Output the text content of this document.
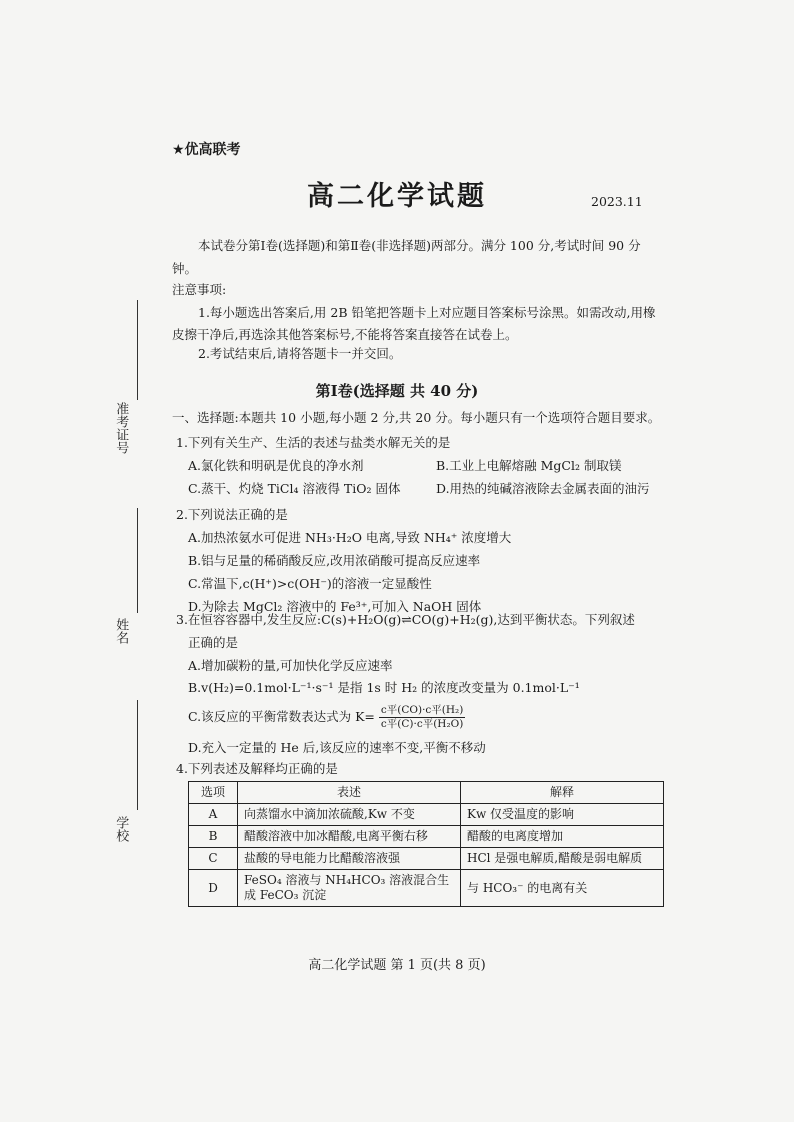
★优高联考
高二化学试题	2023.11
本试卷分第Ⅰ卷(选择题)和第Ⅱ卷(非选择题)两部分。满分 100 分,考试时间 90 分钟。
注意事项:
1.每小题选出答案后,用 2B 铅笔把答题卡上对应题目答案标号涂黑。如需改动,用橡皮擦干净后,再选涂其他答案标号,不能将答案直接答在试卷上。
2.考试结束后,请将答题卡一并交回。
准考证号
姓名
学校
第Ⅰ卷(选择题 共 40 分)
一、选择题:本题共 10 小题,每小题 2 分,共 20 分。每小题只有一个选项符合题目要求。
1.下列有关生产、生活的表述与盐类水解无关的是
A.氯化铁和明矾是优良的净水剂	B.工业上电解熔融 MgCl₂ 制取镁
C.蒸干、灼烧 TiCl₄ 溶液得 TiO₂ 固体	D.用热的纯碱溶液除去金属表面的油污
2.下列说法正确的是
A.加热浓氨水可促进 NH₃·H₂O 电离,导致 NH₄⁺ 浓度增大
B.铝与足量的稀硝酸反应,改用浓硝酸可提高反应速率
C.常温下,c(H⁺)>c(OH⁻)的溶液一定显酸性
D.为除去 MgCl₂ 溶液中的 Fe³⁺,可加入 NaOH 固体
3.在恒容容器中,发生反应:C(s)+H₂O(g)⇌CO(g)+H₂(g),达到平衡状态。下列叙述
正确的是
A.增加碳粉的量,可加快化学反应速率
B.v(H₂)=0.1mol·L⁻¹·s⁻¹ 是指 1s 时 H₂ 的浓度改变量为 0.1mol·L⁻¹
C.该反应的平衡常数表达式为 $K= \frac{\text{c平(CO)·c平(H₂)}}{\text{c平(C)·c平(H₂O)}}$
D.充入一定量的 He 后,该反应的速率不变,平衡不移动
4.下列表述及解释均正确的是
选项	表述	解释
A	向蒸馏水中滴加浓硫酸,Kw 不变	Kw 仅受温度的影响
B	醋酸溶液中加冰醋酸,电离平衡右移	醋酸的电离度增加
C	盐酸的导电能力比醋酸溶液强	HCl 是强电解质,醋酸是弱电解质
D	FeSO₄ 溶液与 NH₄HCO₃ 溶液混合生成 FeCO₃ 沉淀	与 HCO₃⁻ 的电离有关
高二化学试题 第 1 页(共 8 页)
